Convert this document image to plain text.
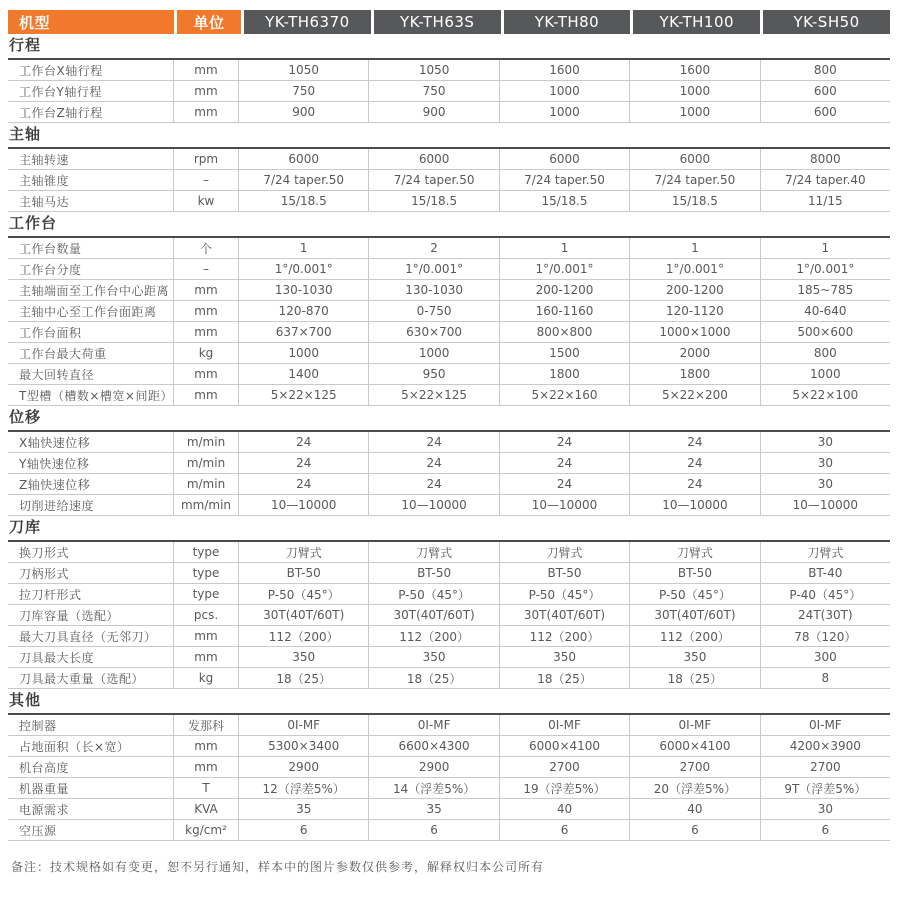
机型	单位	YK-TH6370	YK-TH63S	YK-TH80	YK-TH100	YK-SH50
行程
工作台X轴行程	mm	1050	1050	1600	1600	800
工作台Y轴行程	mm	750	750	1000	1000	600
工作台Z轴行程	mm	900	900	1000	1000	600
主轴
主轴转速	rpm	6000	6000	6000	6000	8000
主轴锥度	–	7/24 taper.50	7/24 taper.50	7/24 taper.50	7/24 taper.50	7/24 taper.40
主轴马达	kw	15/18.5	15/18.5	15/18.5	15/18.5	11/15
工作台
工作台数量	个	1	2	1	1	1
工作台分度	–	1°/0.001°	1°/0.001°	1°/0.001°	1°/0.001°	1°/0.001°
主轴端面至工作台中心距离	mm	130-1030	130-1030	200-1200	200-1200	185~785
主轴中心至工作台面距离	mm	120-870	0-750	160-1160	120-1120	40-640
工作台面积	mm	637×700	630×700	800×800	1000×1000	500×600
工作台最大荷重	kg	1000	1000	1500	2000	800
最大回转直径	mm	1400	950	1800	1800	1000
T型槽（槽数×槽宽×间距）	mm	5×22×125	5×22×125	5×22×160	5×22×200	5×22×100
位移
X轴快速位移	m/min	24	24	24	24	30
Y轴快速位移	m/min	24	24	24	24	30
Z轴快速位移	m/min	24	24	24	24	30
切削进给速度	mm/min	10—10000	10—10000	10—10000	10—10000	10—10000
刀库
换刀形式	type	刀臂式	刀臂式	刀臂式	刀臂式	刀臂式
刀柄形式	type	BT-50	BT-50	BT-50	BT-50	BT-40
拉刀杆形式	type	P-50（45°）	P-50（45°）	P-50（45°）	P-50（45°）	P-40（45°）
刀库容量（选配）	pcs.	30T(40T/60T)	30T(40T/60T)	30T(40T/60T)	30T(40T/60T)	24T(30T)
最大刀具直径（无邻刀）	mm	112（200）	112（200）	112（200）	112（200）	78（120）
刀具最大长度	mm	350	350	350	350	300
刀具最大重量（选配）	kg	18（25）	18（25）	18（25）	18（25）	8
其他
控制器	发那科	0I-MF	0I-MF	0I-MF	0I-MF	0I-MF
占地面积（长×宽）	mm	5300×3400	6600×4300	6000×4100	6000×4100	4200×3900
机台高度	mm	2900	2900	2700	2700	2700
机器重量	T	12（浮差5%）	14（浮差5%）	19（浮差5%）	20（浮差5%）	9T（浮差5%）
电源需求	KVA	35	35	40	40	30
空压源	kg/cm²	6	6	6	6	6
备注：技术规格如有变更，恕不另行通知，样本中的图片参数仅供参考，解释权归本公司所有
